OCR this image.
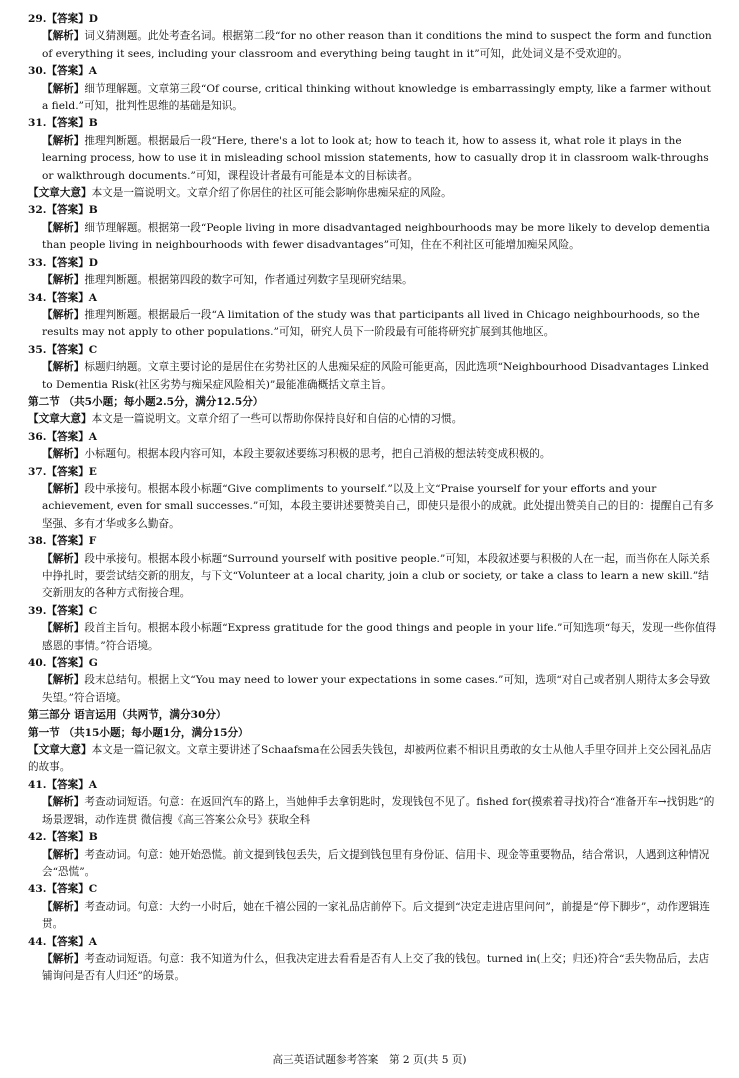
29.【答案】D
【解析】词义猜测题。此处考查名词。根据第二段“for no other reason than it conditions the mind to suspect the form and function of everything it sees, including your classroom and everything being taught in it”可知，此处词义是不受欢迎的。
30.【答案】A
【解析】细节理解题。文章第三段“Of course, critical thinking without knowledge is embarrassingly empty, like a farmer without a field.”可知，批判性思维的基础是知识。
31.【答案】B
【解析】推理判断题。根据最后一段“Here, there's a lot to look at; how to teach it, how to assess it, what role it plays in the learning process, how to use it in misleading school mission statements, how to casually drop it in classroom walk-throughs or walkthrough documents.”可知，课程设计者最有可能是本文的目标读者。
【文章大意】本文是一篇说明文。文章介绍了你居住的社区可能会影响你患痴呆症的风险。
32.【答案】B
【解析】细节理解题。根据第一段“People living in more disadvantaged neighbourhoods may be more likely to develop dementia than people living in neighbourhoods with fewer disadvantages”可知，住在不利社区可能增加痴呆风险。
33.【答案】D
【解析】推理判断题。根据第四段的数字可知，作者通过列数字呈现研究结果。
34.【答案】A
【解析】推理判断题。根据最后一段“A limitation of the study was that participants all lived in Chicago neighbourhoods, so the results may not apply to other populations.”可知，研究人员下一阶段最有可能将研究扩展到其他地区。
35.【答案】C
【解析】标题归纳题。文章主要讨论的是居住在劣势社区的人患痴呆症的风险可能更高，因此选项“Neighbourhood Disadvantages Linked to Dementia Risk(社区劣势与痴呆症风险相关)”最能准确概括文章主旨。
第二节 （共5小题；每小题2.5分，满分12.5分）
【文章大意】本文是一篇说明文。文章介绍了一些可以帮助你保持良好和自信的心情的习惯。
36.【答案】A
【解析】小标题句。根据本段内容可知，本段主要叙述要练习积极的思考，把自己消极的想法转变成积极的。
37.【答案】E
【解析】段中承接句。根据本段小标题“Give compliments to yourself.”以及上文“Praise yourself for your efforts and your achievement, even for small successes.”可知，本段主要讲述要赞美自己，即使只是很小的成就。此处提出赞美自己的目的：提醒自己有多坚强、多有才华或多么勤奋。
38.【答案】F
【解析】段中承接句。根据本段小标题“Surround yourself with positive people.”可知，本段叙述要与积极的人在一起，而当你在人际关系中挣扎时，要尝试结交新的朋友，与下文“Volunteer at a local charity, join a club or society, or take a class to learn a new skill.”结交新朋友的各种方式衔接合理。
39.【答案】C
【解析】段首主旨句。根据本段小标题“Express gratitude for the good things and people in your life.”可知选项“每天，发现一些你值得感恩的事情。”符合语境。
40.【答案】G
【解析】段末总结句。根据上文“You may need to lower your expectations in some cases.”可知，选项“对自己或者别人期待太多会导致失望。”符合语境。
第三部分 语言运用（共两节，满分30分）
第一节 （共15小题；每小题1分，满分15分）
【文章大意】本文是一篇记叙文。文章主要讲述了Schaafsma在公园丢失钱包，却被两位素不相识且勇敢的女士从他人手里夺回并上交公园礼品店的故事。
41.【答案】A
【解析】考查动词短语。句意：在返回汽车的路上，当她伸手去拿钥匙时，发现钱包不见了。fished for(摸索着寻找)符合“准备开车→找钥匙”的场景逻辑，动作连贯 微信搜《高三答案公众号》获取全科
42.【答案】B
【解析】考查动词。句意：她开始恐慌。前文提到钱包丢失，后文提到钱包里有身份证、信用卡、现金等重要物品，结合常识，人遇到这种情况会“恐慌”。
43.【答案】C
【解析】考查动词。句意：大约一小时后，她在千禧公园的一家礼品店前停下。后文提到“决定走进店里问问”，前提是“停下脚步”，动作逻辑连贯。
44.【答案】A
【解析】考查动词短语。句意：我不知道为什么，但我决定进去看看是否有人上交了我的钱包。turned in(上交；归还)符合“丢失物品后，去店铺询问是否有人归还”的场景。
高三英语试题参考答案　第 2 页(共 5 页)
